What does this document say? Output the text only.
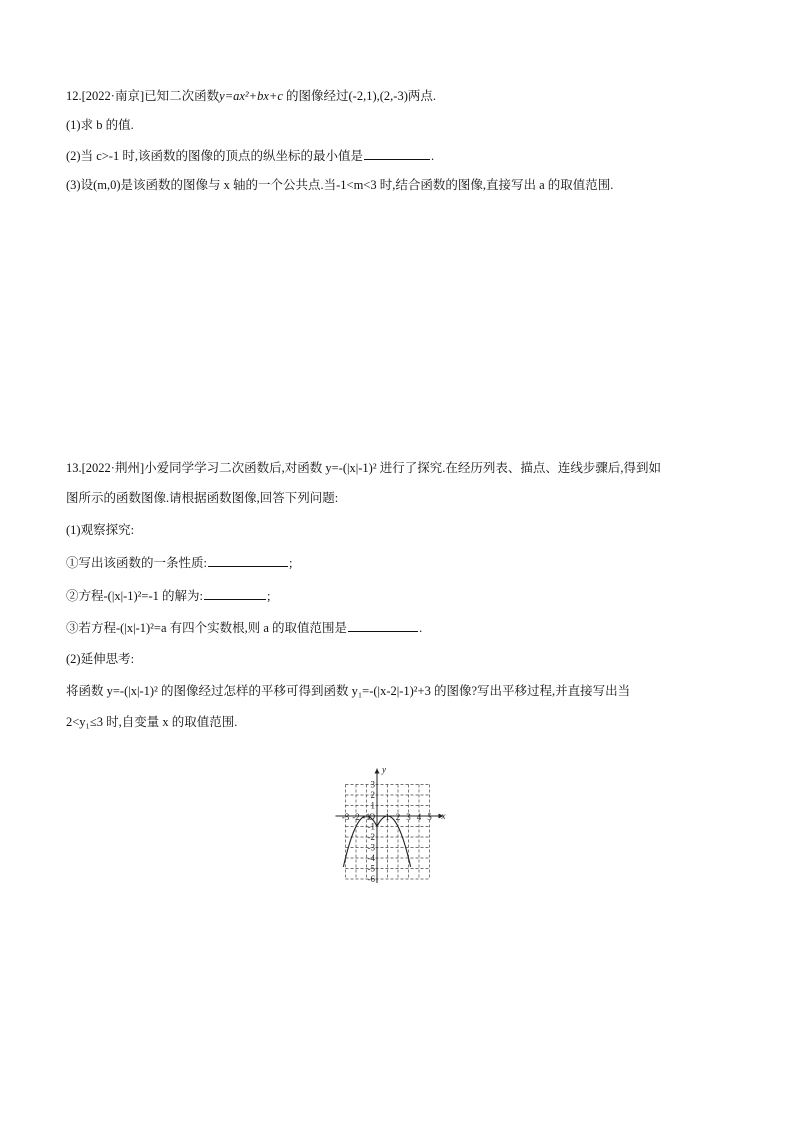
12.[2022·南京]已知二次函数y=ax²+bx+c 的图像经过(-2,1),(2,-3)两点.
(1)求 b 的值.
(2)当 c>-1 时,该函数的图像的顶点的纵坐标的最小值是	.
(3)设(m,0)是该函数的图像与 x 轴的一个公共点.当-1<m<3 时,结合函数的图像,直接写出 a 的取值范围.
13.[2022·荆州]小爱同学学习二次函数后,对函数 y=-(|x|-1)² 进行了探究.在经历列表、描点、连线步骤后,得到如
图所示的函数图像.请根据函数图像,回答下列问题:
(1)观察探究:
①写出该函数的一条性质:	;
②方程-(|x|-1)²=-1 的解为:	;
③若方程-(|x|-1)²=a 有四个实数根,则 a 的取值范围是	.
(2)延伸思考:
将函数 y=-(|x|-1)² 的图像经过怎样的平移可得到函数 y₁=-(|x-2|-1)²+3 的图像?写出平移过程,并直接写出当
2<y₁≤3 时,自变量 x 的取值范围.
-3 -2 -1 1 2 3 4 5
3
2
1
-1
-2
-3
-4
-5
-6
O	x
y
